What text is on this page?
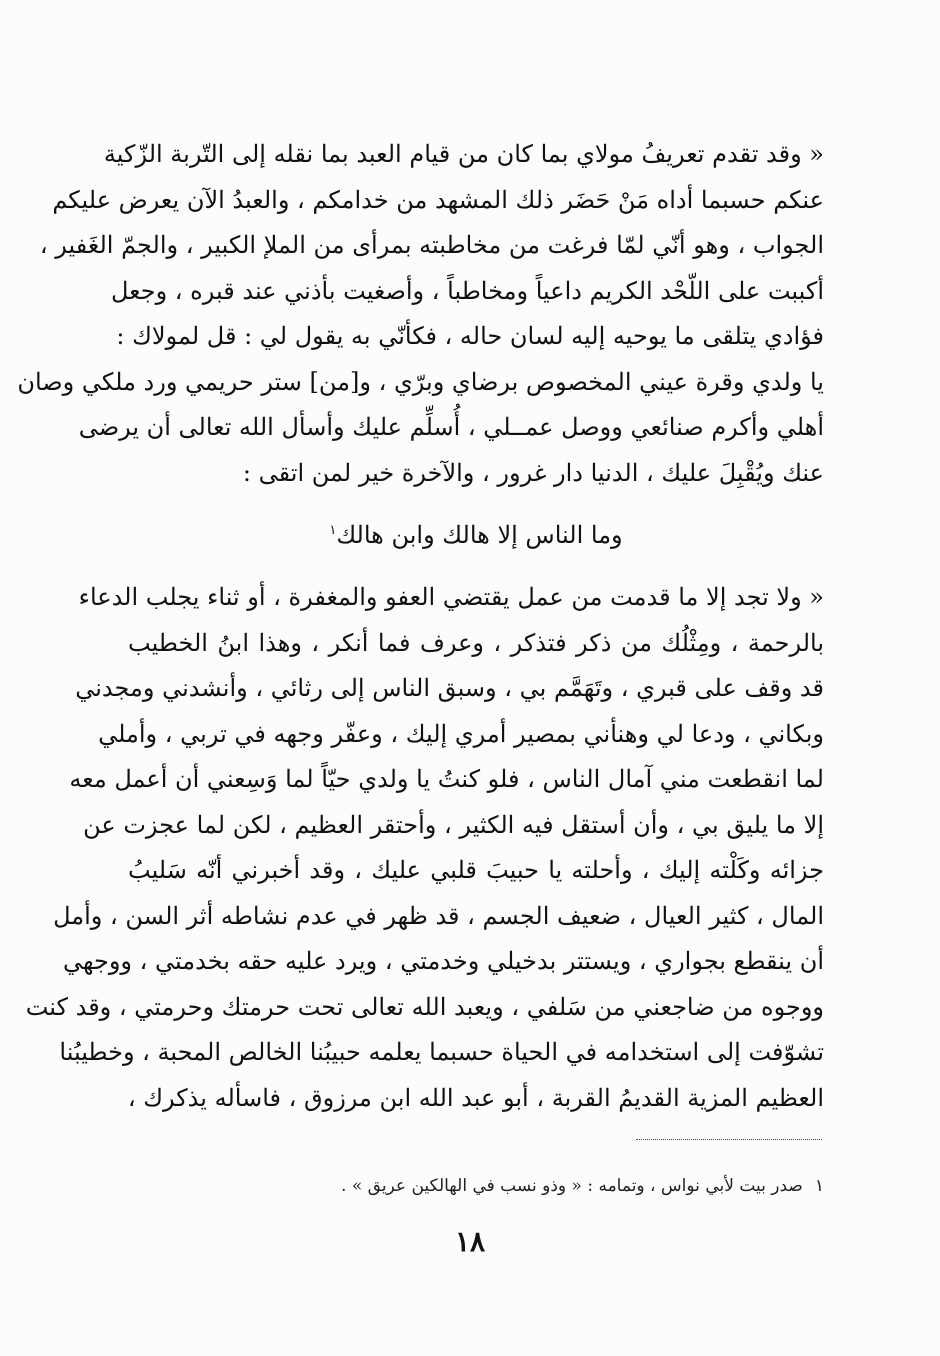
« وقد تقدم تعريفُ مولاي بما كان من قيام العبد بما نقله إلى التّربة الزّكية
عنكم حسبما أداه مَنْ حَضَر ذلك المشهد من خدامكم ، والعبدُ الآن يعرض عليكم
الجواب ، وهو أنّي لمّا فرغت من مخاطبته بمرأى من الملإ الكبير ، والجمّ الغَفير ،
أكببت على اللّحْد الكريم داعياً ومخاطباً ، وأصغيت بأذني عند قبره ، وجعل
فؤادي يتلقى ما يوحيه إليه لسان حاله ، فكأنّي به يقول لي : قل لمولاك :
يا ولدي وقرة عيني المخصوص برضاي وبرّي ، و[من] ستر حريمي ورد ملكي وصان
أهلي وأكرم صنائعي ووصل عمــلي ، أُسلِّم عليك وأسأل الله تعالى أن يرضى
عنك ويُقْبِلَ عليك ، الدنيا دار غرور ، والآخرة خير لمن اتقى :
وما الناس إلا هالك وابن هالك$^١$
« ولا تجد إلا ما قدمت من عمل يقتضي العفو والمغفرة ، أو ثناء يجلب الدعاء
بالرحمة ، ومِثْلُك من ذكر فتذكر ، وعرف فما أنكر ، وهذا ابنُ الخطيب
قد وقف على قبري ، وتَهَمَّم بي ، وسبق الناس إلى رثائي ، وأنشدني ومجدني
وبكاني ، ودعا لي وهنأني بمصير أمري إليك ، وعفّر وجهه في تربي ، وأملي
لما انقطعت مني آمال الناس ، فلو كنتُ يا ولدي حيّاً لما وَسِعني أن أعمل معه
إلا ما يليق بي ، وأن أستقل فيه الكثير ، وأحتقر العظيم ، لكن لما عجزت عن
جزائه وكَلْته إليك ، وأحلته يا حبيبَ قلبي عليك ، وقد أخبرني أنّه سَليبُ
المال ، كثير العيال ، ضعيف الجسم ، قد ظهر في عدم نشاطه أثر السن ، وأمل
أن ينقطع بجواري ، ويستتر بدخيلي وخدمتي ، ويرد عليه حقه بخدمتي ، ووجهي
ووجوه من ضاجعني من سَلفي ، ويعبد الله تعالى تحت حرمتك وحرمتي ، وقد كنت
تشوّفت إلى استخدامه في الحياة حسبما يعلمه حبيبُنا الخالص المحبة ، وخطيبُنا
العظيم المزية القديمُ القربة ، أبو عبد الله ابن مرزوق ، فاسأله يذكرك ،
١صدر بيت لأبي نواس ، وتمامه : « وذو نسب في الهالكين عريق » .
١٨
